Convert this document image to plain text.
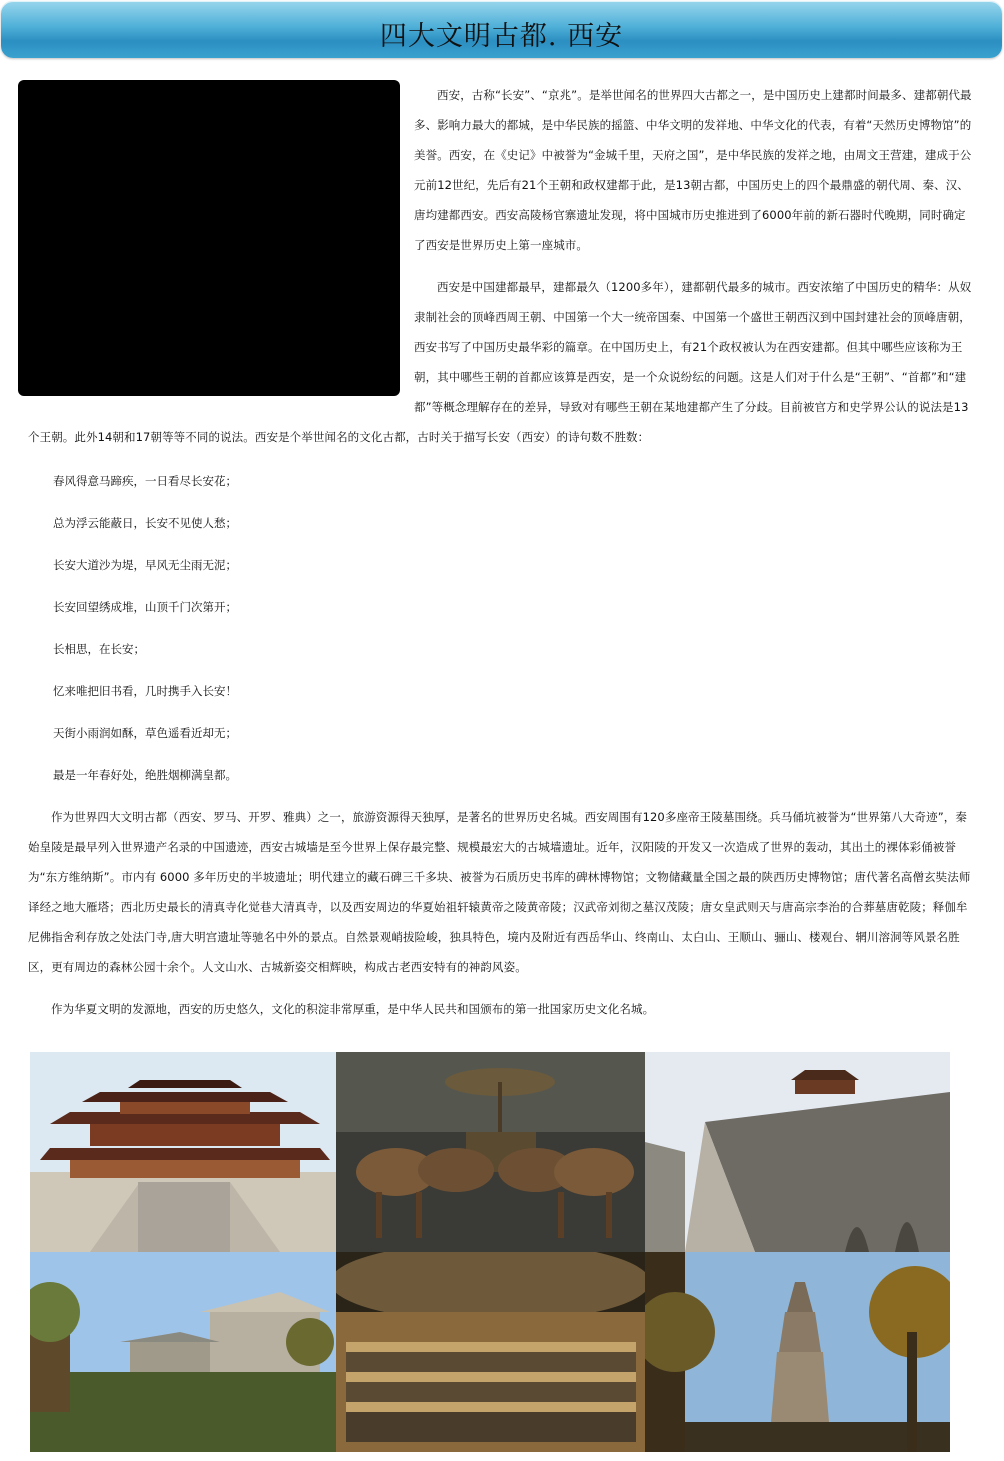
四大文明古都. 西安

西安，古称“长安”、“京兆”。是举世闻名的世界四大古都之一，是中国历史上建都时间最多、建都朝代最多、影响力最大的都城，是中华民族的摇篮、中华文明的发祥地、中华文化的代表，有着“天然历史博物馆”的美誉。西安，在《史记》中被誉为“金城千里，天府之国”，是中华民族的发祥之地，由周文王营建，建成于公元前12世纪，先后有21个王朝和政权建都于此，是13朝古都，中国历史上的四个最鼎盛的朝代周、秦、汉、唐均建都西安。西安高陵杨官寨遗址发现，将中国城市历史推进到了6000年前的新石器时代晚期，同时确定了西安是世界历史上第一座城市。

西安是中国建都最早，建都最久（1200多年），建都朝代最多的城市。西安浓缩了中国历史的精华：从奴隶制社会的顶峰西周王朝、中国第一个大一统帝国秦、中国第一个盛世王朝西汉到中国封建社会的顶峰唐朝，西安书写了中国历史最华彩的篇章。在中国历史上，有21个政权被认为在西安建都。但其中哪些应该称为王朝，其中哪些王朝的首都应该算是西安，是一个众说纷纭的问题。这是人们对于什么是“王朝”、“首都”和“建都”等概念理解存在的差异，导致对有哪些王朝在某地建都产生了分歧。目前被官方和史学界公认的说法是13个王朝。此外14朝和17朝等等不同的说法。西安是个举世闻名的文化古都，古时关于描写长安（西安）的诗句数不胜数：

春风得意马蹄疾，一日看尽长安花；

总为浮云能蔽日，长安不见使人愁；

长安大道沙为堤，早风无尘雨无泥；

长安回望绣成堆，山顶千门次第开；

长相思，在长安；

忆来唯把旧书看，几时携手入长安！

天街小雨润如酥，草色遥看近却无；

最是一年春好处，绝胜烟柳满皇都。

作为世界四大文明古都（西安、罗马、开罗、雅典）之一，旅游资源得天独厚，是著名的世界历史名城。西安周围有120多座帝王陵墓围绕。兵马俑坑被誉为“世界第八大奇迹”，秦始皇陵是最早列入世界遗产名录的中国遗迹，西安古城墙是至今世界上保存最完整、规模最宏大的古城墙遗址。近年，汉阳陵的开发又一次造成了世界的轰动，其出土的裸体彩俑被誉为“东方维纳斯”。市内有 6000 多年历史的半坡遗址；明代建立的藏石碑三千多块、被誉为石质历史书库的碑林博物馆；文物储藏量全国之最的陕西历史博物馆；唐代著名高僧玄奘法师译经之地大雁塔；西北历史最长的清真寺化觉巷大清真寺，以及西安周边的华夏始祖轩辕黄帝之陵黄帝陵；汉武帝刘彻之墓汉茂陵；唐女皇武则天与唐高宗李治的合葬墓唐乾陵；释伽牟尼佛指舍利存放之处法门寺,唐大明宫遗址等驰名中外的景点。自然景观峭拔险峻，独具特色，境内及附近有西岳华山、终南山、太白山、王顺山、骊山、楼观台、辋川溶洞等风景名胜区，更有周边的森林公园十余个。人文山水、古城新姿交相辉映，构成古老西安特有的神韵风姿。

作为华夏文明的发源地，西安的历史悠久，文化的积淀非常厚重，是中华人民共和国颁布的第一批国家历史文化名城。
